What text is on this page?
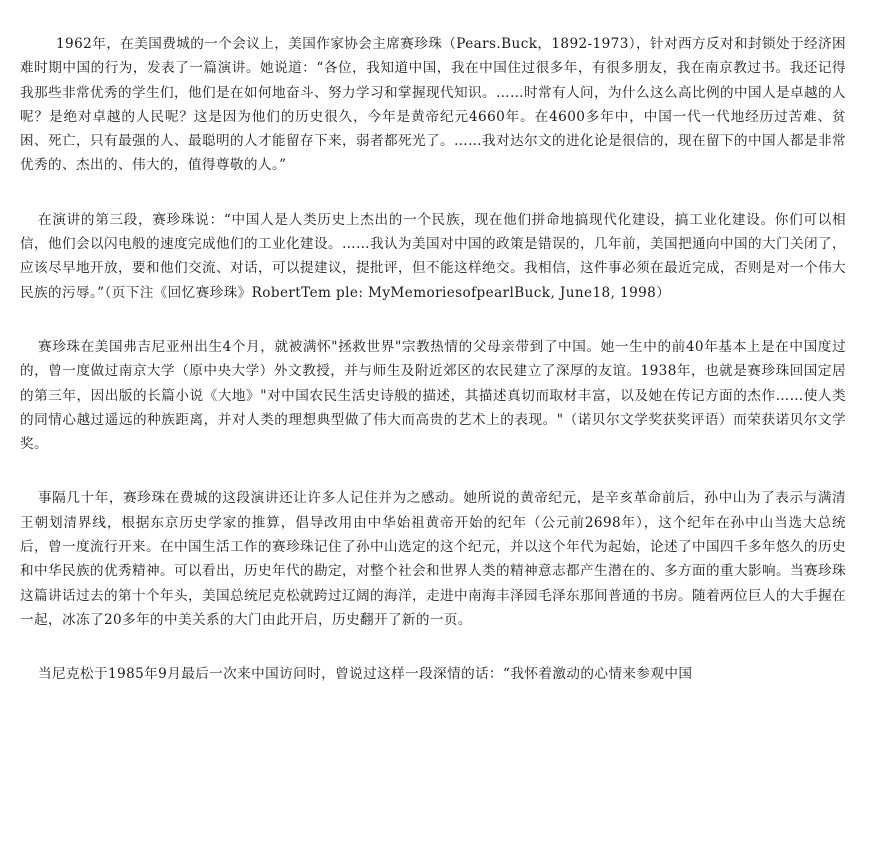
1962年，在美国费城的一个会议上，美国作家协会主席赛珍珠（Pears.Buck，1892-1973），针对西方反对和封锁处于经济困难时期中国的行为，发表了一篇演讲。她说道：“各位，我知道中国，我在中国住过很多年，有很多朋友，我在南京教过书。我还记得我那些非常优秀的学生们，他们是在如何地奋斗、努力学习和掌握现代知识。……时常有人问，为什么这么高比例的中国人是卓越的人呢？是绝对卓越的人民呢？这是因为他们的历史很久，今年是黄帝纪元4660年。在4600多年中，中国一代一代地经历过苦难、贫困、死亡，只有最强的人、最聪明的人才能留存下来，弱者都死光了。……我对达尔文的进化论是很信的，现在留下的中国人都是非常优秀的、杰出的、伟大的，值得尊敬的人。”

在演讲的第三段，赛珍珠说：“中国人是人类历史上杰出的一个民族，现在他们拼命地搞现代化建设，搞工业化建设。你们可以相信，他们会以闪电般的速度完成他们的工业化建设。……我认为美国对中国的政策是错误的，几年前，美国把通向中国的大门关闭了，应该尽早地开放，要和他们交流、对话，可以提建议，提批评，但不能这样绝交。我相信，这件事必须在最近完成，否则是对一个伟大民族的污辱。”（页下注《回忆赛珍珠》RobertTem ple: MyMemoriesofpearlBuck, June18, 1998）

赛珍珠在美国弗吉尼亚州出生4个月，就被满怀"拯救世界"宗教热情的父母亲带到了中国。她一生中的前40年基本上是在中国度过的，曾一度做过南京大学（原中央大学）外文教授，并与师生及附近郊区的农民建立了深厚的友谊。1938年，也就是赛珍珠回国定居的第三年，因出版的长篇小说《大地》"对中国农民生活史诗般的描述，其描述真切而取材丰富，以及她在传记方面的杰作……使人类的同情心越过遥远的种族距离，并对人类的理想典型做了伟大而高贵的艺术上的表现。"（诺贝尔文学奖获奖评语）而荣获诺贝尔文学奖。

事隔几十年，赛珍珠在费城的这段演讲还让许多人记住并为之感动。她所说的黄帝纪元，是辛亥革命前后，孙中山为了表示与满清王朝划清界线，根据东京历史学家的推算，倡导改用由中华始祖黄帝开始的纪年（公元前2698年），这个纪年在孙中山当选大总统后，曾一度流行开来。在中国生活工作的赛珍珠记住了孙中山选定的这个纪元，并以这个年代为起始，论述了中国四千多年悠久的历史和中华民族的优秀精神。可以看出，历史年代的勘定，对整个社会和世界人类的精神意志都产生潜在的、多方面的重大影响。当赛珍珠这篇讲话过去的第十个年头，美国总统尼克松就跨过辽阔的海洋，走进中南海丰泽园毛泽东那间普通的书房。随着两位巨人的大手握在一起，冰冻了20多年的中美关系的大门由此开启，历史翻开了新的一页。

当尼克松于1985年9月最后一次来中国访问时，曾说过这样一段深情的话：“我怀着激动的心情来参观中国
